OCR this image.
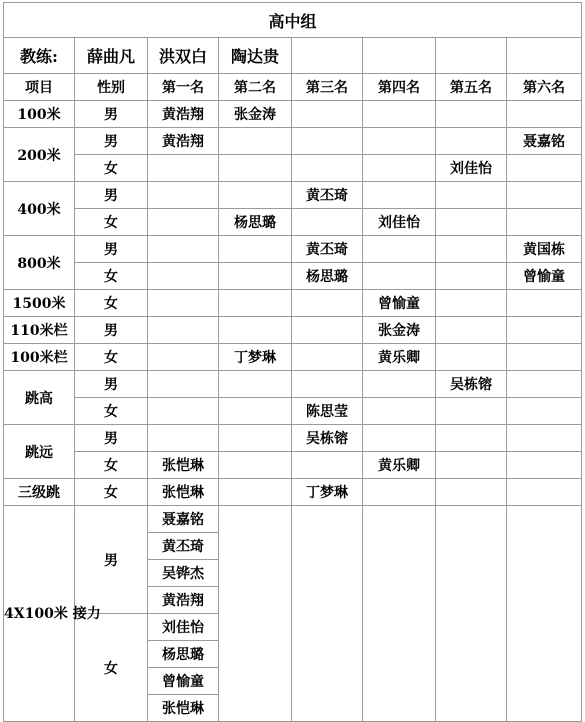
高中组							
教练:	薛曲凡	洪双白	陶达贵				
项目	性别	第一名	第二名	第三名	第四名	第五名	第六名
100米	男	黄浩翔	张金涛				
200米	男	黄浩翔					聂嘉铭
	女					刘佳怡	
400米	男			黄丕琦			
	女		杨思璐		刘佳怡		
800米	男			黄丕琦			黄国栋
	女			杨思璐			曾愉童
1500米	女				曾愉童		
110米栏	男				张金涛		
100米栏	女		丁梦琳		黄乐卿		
跳高	男					吴栋镕	
	女			陈思莹			
跳远	男			吴栋镕			
	女	张恺琳			黄乐卿		
三级跳	女	张恺琳		丁梦琳			
4X100米 接力	男	聂嘉铭					
		黄丕琦					
		吴铧杰					
		黄浩翔					
	女	刘佳怡					
		杨思璐					
		曾愉童					
		张恺琳					
